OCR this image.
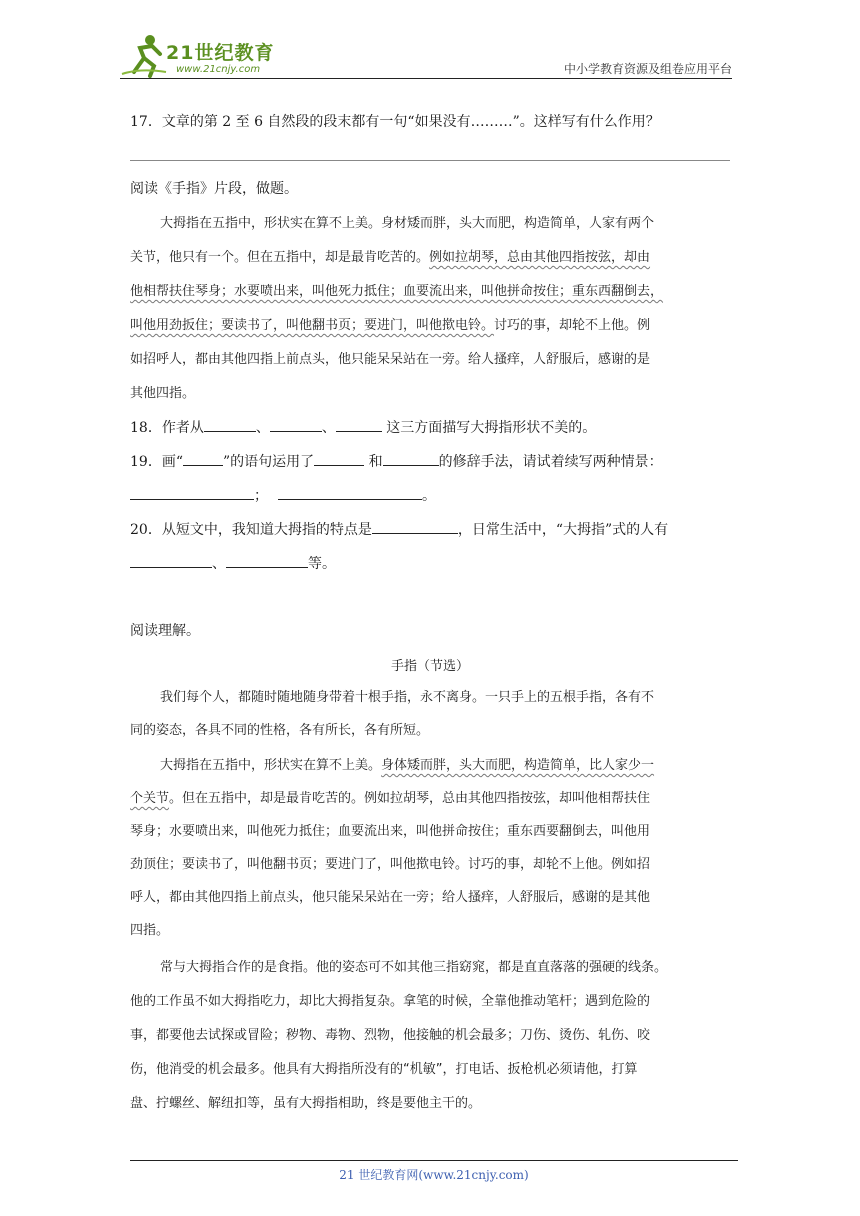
21世纪教育
www.21cnjy.com	中小学教育资源及组卷应用平台
17．文章的第 2 至 6 自然段的段末都有一句“如果没有………”。这样写有什么作用？
阅读《手指》片段，做题。
大拇指在五指中，形状实在算不上美。身材矮而胖，头大而肥，构造简单，人家有两个
关节，他只有一个。但在五指中，却是最肯吃苦的。例如拉胡琴，总由其他四指按弦，却由
他相帮扶住琴身；水要喷出来，叫他死力抵住；血要流出来，叫他拼命按住；重东西翻倒去，
叫他用劲扳住；要读书了，叫他翻书页；要进门，叫他揿电铃。讨巧的事，却轮不上他。例
如招呼人，都由其他四指上前点头，他只能呆呆站在一旁。给人搔痒，人舒服后，感谢的是
其他四指。
18．作者从	、	、	这三方面描写大拇指形状不美的。
19．画“	”的语句运用了	和	的修辞手法，请试着续写两种情景：
；	。
20．从短文中，我知道大拇指的特点是	，日常生活中，“大拇指”式的人有
、	等。
阅读理解。
手指（节选）
我们每个人，都随时随地随身带着十根手指，永不离身。一只手上的五根手指，各有不
同的姿态，各具不同的性格，各有所长，各有所短。
大拇指在五指中，形状实在算不上美。身体矮而胖，头大而肥，构造简单，比人家少一
个关节。但在五指中，却是最肯吃苦的。例如拉胡琴，总由其他四指按弦，却叫他相帮扶住
琴身；水要喷出来，叫他死力抵住；血要流出来，叫他拼命按住；重东西要翻倒去，叫他用
劲顶住；要读书了，叫他翻书页；要进门了，叫他揿电铃。讨巧的事，却轮不上他。例如招
呼人，都由其他四指上前点头，他只能呆呆站在一旁；给人搔痒，人舒服后，感谢的是其他
四指。
常与大拇指合作的是食指。他的姿态可不如其他三指窈窕，都是直直落落的强硬的线条。
他的工作虽不如大拇指吃力，却比大拇指复杂。拿笔的时候，全靠他推动笔杆；遇到危险的
事，都要他去试探或冒险；秽物、毒物、烈物，他接触的机会最多；刀伤、烫伤、轧伤、咬
伤，他消受的机会最多。他具有大拇指所没有的“机敏”，打电话、扳枪机必须请他，打算
盘、拧螺丝、解纽扣等，虽有大拇指相助，终是要他主干的。
21 世纪教育网(www.21cnjy.com)
